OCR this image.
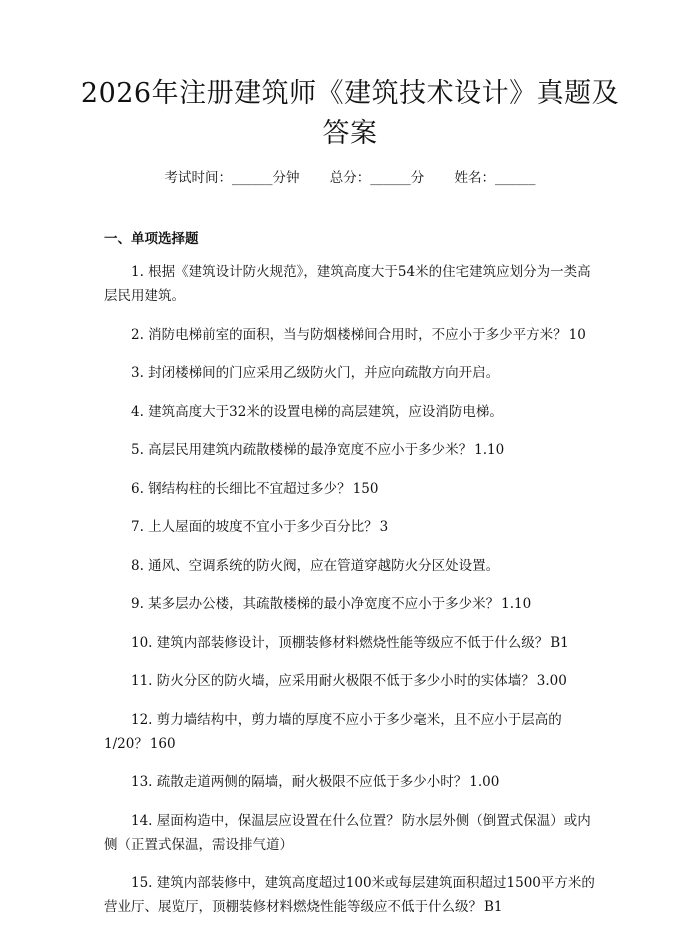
2026年注册建筑师《建筑技术设计》真题及答案
考试时间：______分钟 总分：______分 姓名：______
一、单项选择题
1. 根据《建筑设计防火规范》，建筑高度大于54米的住宅建筑应划分为一类高层民用建筑。
2. 消防电梯前室的面积，当与防烟楼梯间合用时，不应小于多少平方米？ 10
3. 封闭楼梯间的门应采用乙级防火门，并应向疏散方向开启。
4. 建筑高度大于32米的设置电梯的高层建筑，应设消防电梯。
5. 高层民用建筑内疏散楼梯的最净宽度不应小于多少米？ 1.10
6. 钢结构柱的长细比不宜超过多少？ 150
7. 上人屋面的坡度不宜小于多少百分比？ 3
8. 通风、空调系统的防火阀，应在管道穿越防火分区处设置。
9. 某多层办公楼，其疏散楼梯的最小净宽度不应小于多少米？ 1.10
10. 建筑内部装修设计，顶棚装修材料燃烧性能等级应不低于什么级？ B1
11. 防火分区的防火墙，应采用耐火极限不低于多少小时的实体墙？ 3.00
12. 剪力墙结构中，剪力墙的厚度不应小于多少毫米，且不应小于层高的1/20？ 160
13. 疏散走道两侧的隔墙，耐火极限不应低于多少小时？ 1.00
14. 屋面构造中，保温层应设置在什么位置？ 防水层外侧（倒置式保温）或内侧（正置式保温，需设排气道）
15. 建筑内部装修中，建筑高度超过100米或每层建筑面积超过1500平方米的营业厅、展览厅，顶棚装修材料燃烧性能等级应不低于什么级？ B1
